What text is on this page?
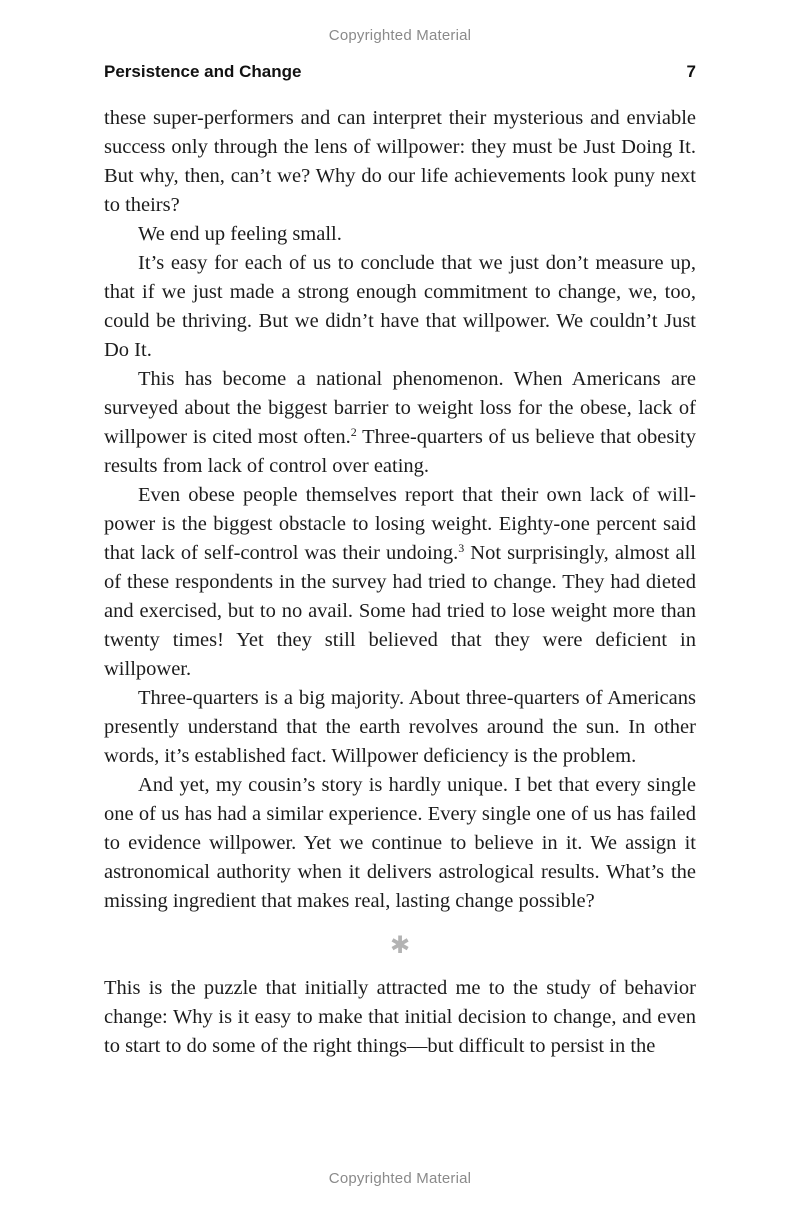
Copyrighted Material
Persistence and Change	7

these super-performers and can interpret their mysterious and enviable success only through the lens of willpower: they must be Just Doing It. But why, then, can’t we? Why do our life achievements look puny next to theirs?

We end up feeling small.

It’s easy for each of us to conclude that we just don’t measure up, that if we just made a strong enough commitment to change, we, too, could be thriving. But we didn’t have that willpower. We couldn’t Just Do It.

This has become a national phenomenon. When Americans are surveyed about the biggest barrier to weight loss for the obese, lack of willpower is cited most often.$^2$ Three-quarters of us believe that obesity results from lack of control over eating.

Even obese people themselves report that their own lack of willpower is the biggest obstacle to losing weight. Eighty-one percent said that lack of self-control was their undoing.$^3$ Not surprisingly, almost all of these respondents in the survey had tried to change. They had dieted and exercised, but to no avail. Some had tried to lose weight more than twenty times! Yet they still believed that they were deficient in willpower.

Three-quarters is a big majority. About three-quarters of Americans presently understand that the earth revolves around the sun. In other words, it’s established fact. Willpower deficiency is the problem.

And yet, my cousin’s story is hardly unique. I bet that every single one of us has had a similar experience. Every single one of us has failed to evidence willpower. Yet we continue to believe in it. We assign it astronomical authority when it delivers astrological results. What’s the missing ingredient that makes real, lasting change possible?

✱

This is the puzzle that initially attracted me to the study of behavior change: Why is it easy to make that initial decision to change, and even to start to do some of the right things—but difficult to persist in the

Copyrighted Material
